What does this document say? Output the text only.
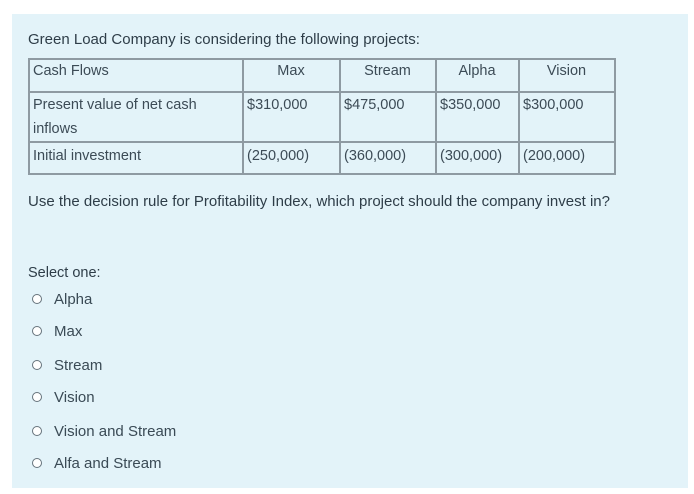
Green Load Company is considering the following projects:
Cash Flows	Max	Stream	Alpha	Vision
Present value of net cash inflows	$310,000	$475,000	$350,000	$300,000
Initial investment	(250,000)	(360,000)	(300,000)	(200,000)
Use the decision rule for Profitability Index, which project should the company invest in?
Select one:
Alpha
Max
Stream
Vision
Vision and Stream
Alfa and Stream
